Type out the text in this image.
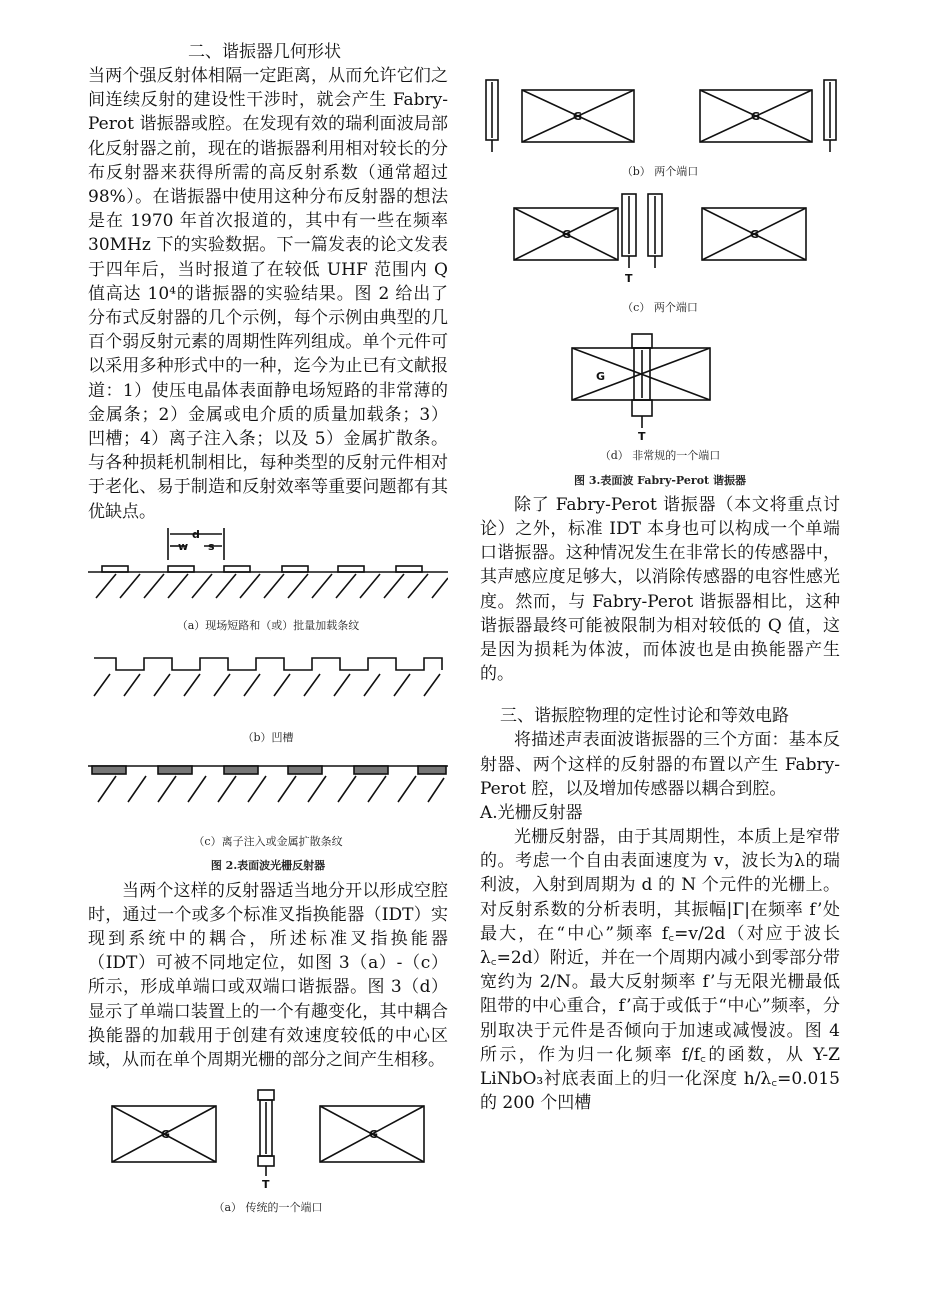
二、谐振器几何形状

当两个强反射体相隔一定距离，从而允许它们之间连续反射的建设性干涉时，就会产生 Fabry-Perot 谐振器或腔。在发现有效的瑞利面波局部化反射器之前，现在的谐振器利用相对较长的分布反射器来获得所需的高反射系数（通常超过 98%）。在谐振器中使用这种分布反射器的想法是在 1970 年首次报道的，其中有一些在频率 30MHz 下的实验数据。下一篇发表的论文发表于四年后，当时报道了在较低 UHF 范围内 Q 值高达 10⁴的谐振器的实验结果。图 2 给出了分布式反射器的几个示例，每个示例由典型的几百个弱反射元素的周期性阵列组成。单个元件可以采用多种形式中的一种，迄今为止已有文献报道：1）使压电晶体表面静电场短路的非常薄的金属条；2）金属或电介质的质量加载条；3）凹槽；4）离子注入条；以及 5）金属扩散条。与各种损耗机制相比，每种类型的反射元件相对于老化、易于制造和反射效率等重要问题都有其优缺点。

d
w s

（a）现场短路和（或）批量加载条纹

（b）凹槽

（c）离子注入或金属扩散条纹

图 2.表面波光栅反射器

当两个这样的反射器适当地分开以形成空腔时，通过一个或多个标准叉指换能器（IDT）实现到系统中的耦合，所述标准叉指换能器（IDT）可被不同地定位，如图 3（a）-（c）所示，形成单端口或双端口谐振器。图 3（d）显示了单端口装置上的一个有趣变化，其中耦合换能器的加载用于创建有效速度较低的中心区域，从而在单个周期光栅的部分之间产生相移。

G	G
T

（a） 传统的一个端口

G	G

（b） 两个端口

G	G
T

（c） 两个端口

G
T

（d） 非常规的一个端口

图 3.表面波 Fabry-Perot 谐振器

除了 Fabry-Perot 谐振器（本文将重点讨论）之外，标准 IDT 本身也可以构成一个单端口谐振器。这种情况发生在非常长的传感器中，其声感应度足够大，以消除传感器的电容性感光度。然而，与 Fabry-Perot 谐振器相比，这种谐振器最终可能被限制为相对较低的 Q 值，这是因为损耗为体波，而体波也是由换能器产生的。

三、谐振腔物理的定性讨论和等效电路

将描述声表面波谐振器的三个方面：基本反射器、两个这样的反射器的布置以产生 Fabry-Perot 腔，以及增加传感器以耦合到腔。

A.光栅反射器

光栅反射器，由于其周期性，本质上是窄带的。考虑一个自由表面速度为 v，波长为λ的瑞利波，入射到周期为 d 的 N 个元件的光栅上。对反射系数的分析表明，其振幅|Γ|在频率 f’处最大，在“中心”频率 f꜀=v/2d（对应于波长λ꜀=2d）附近，并在一个周期内减小到零部分带宽约为 2/N。最大反射频率 f’与无限光栅最低阻带的中心重合，f’高于或低于“中心”频率，分别取决于元件是否倾向于加速或减慢波。图 4 所示，作为归一化频率 f/f꜀的函数，从 Y-Z LiNbO₃衬底表面上的归一化深度 h/λ꜀=0.015 的 200 个凹槽
